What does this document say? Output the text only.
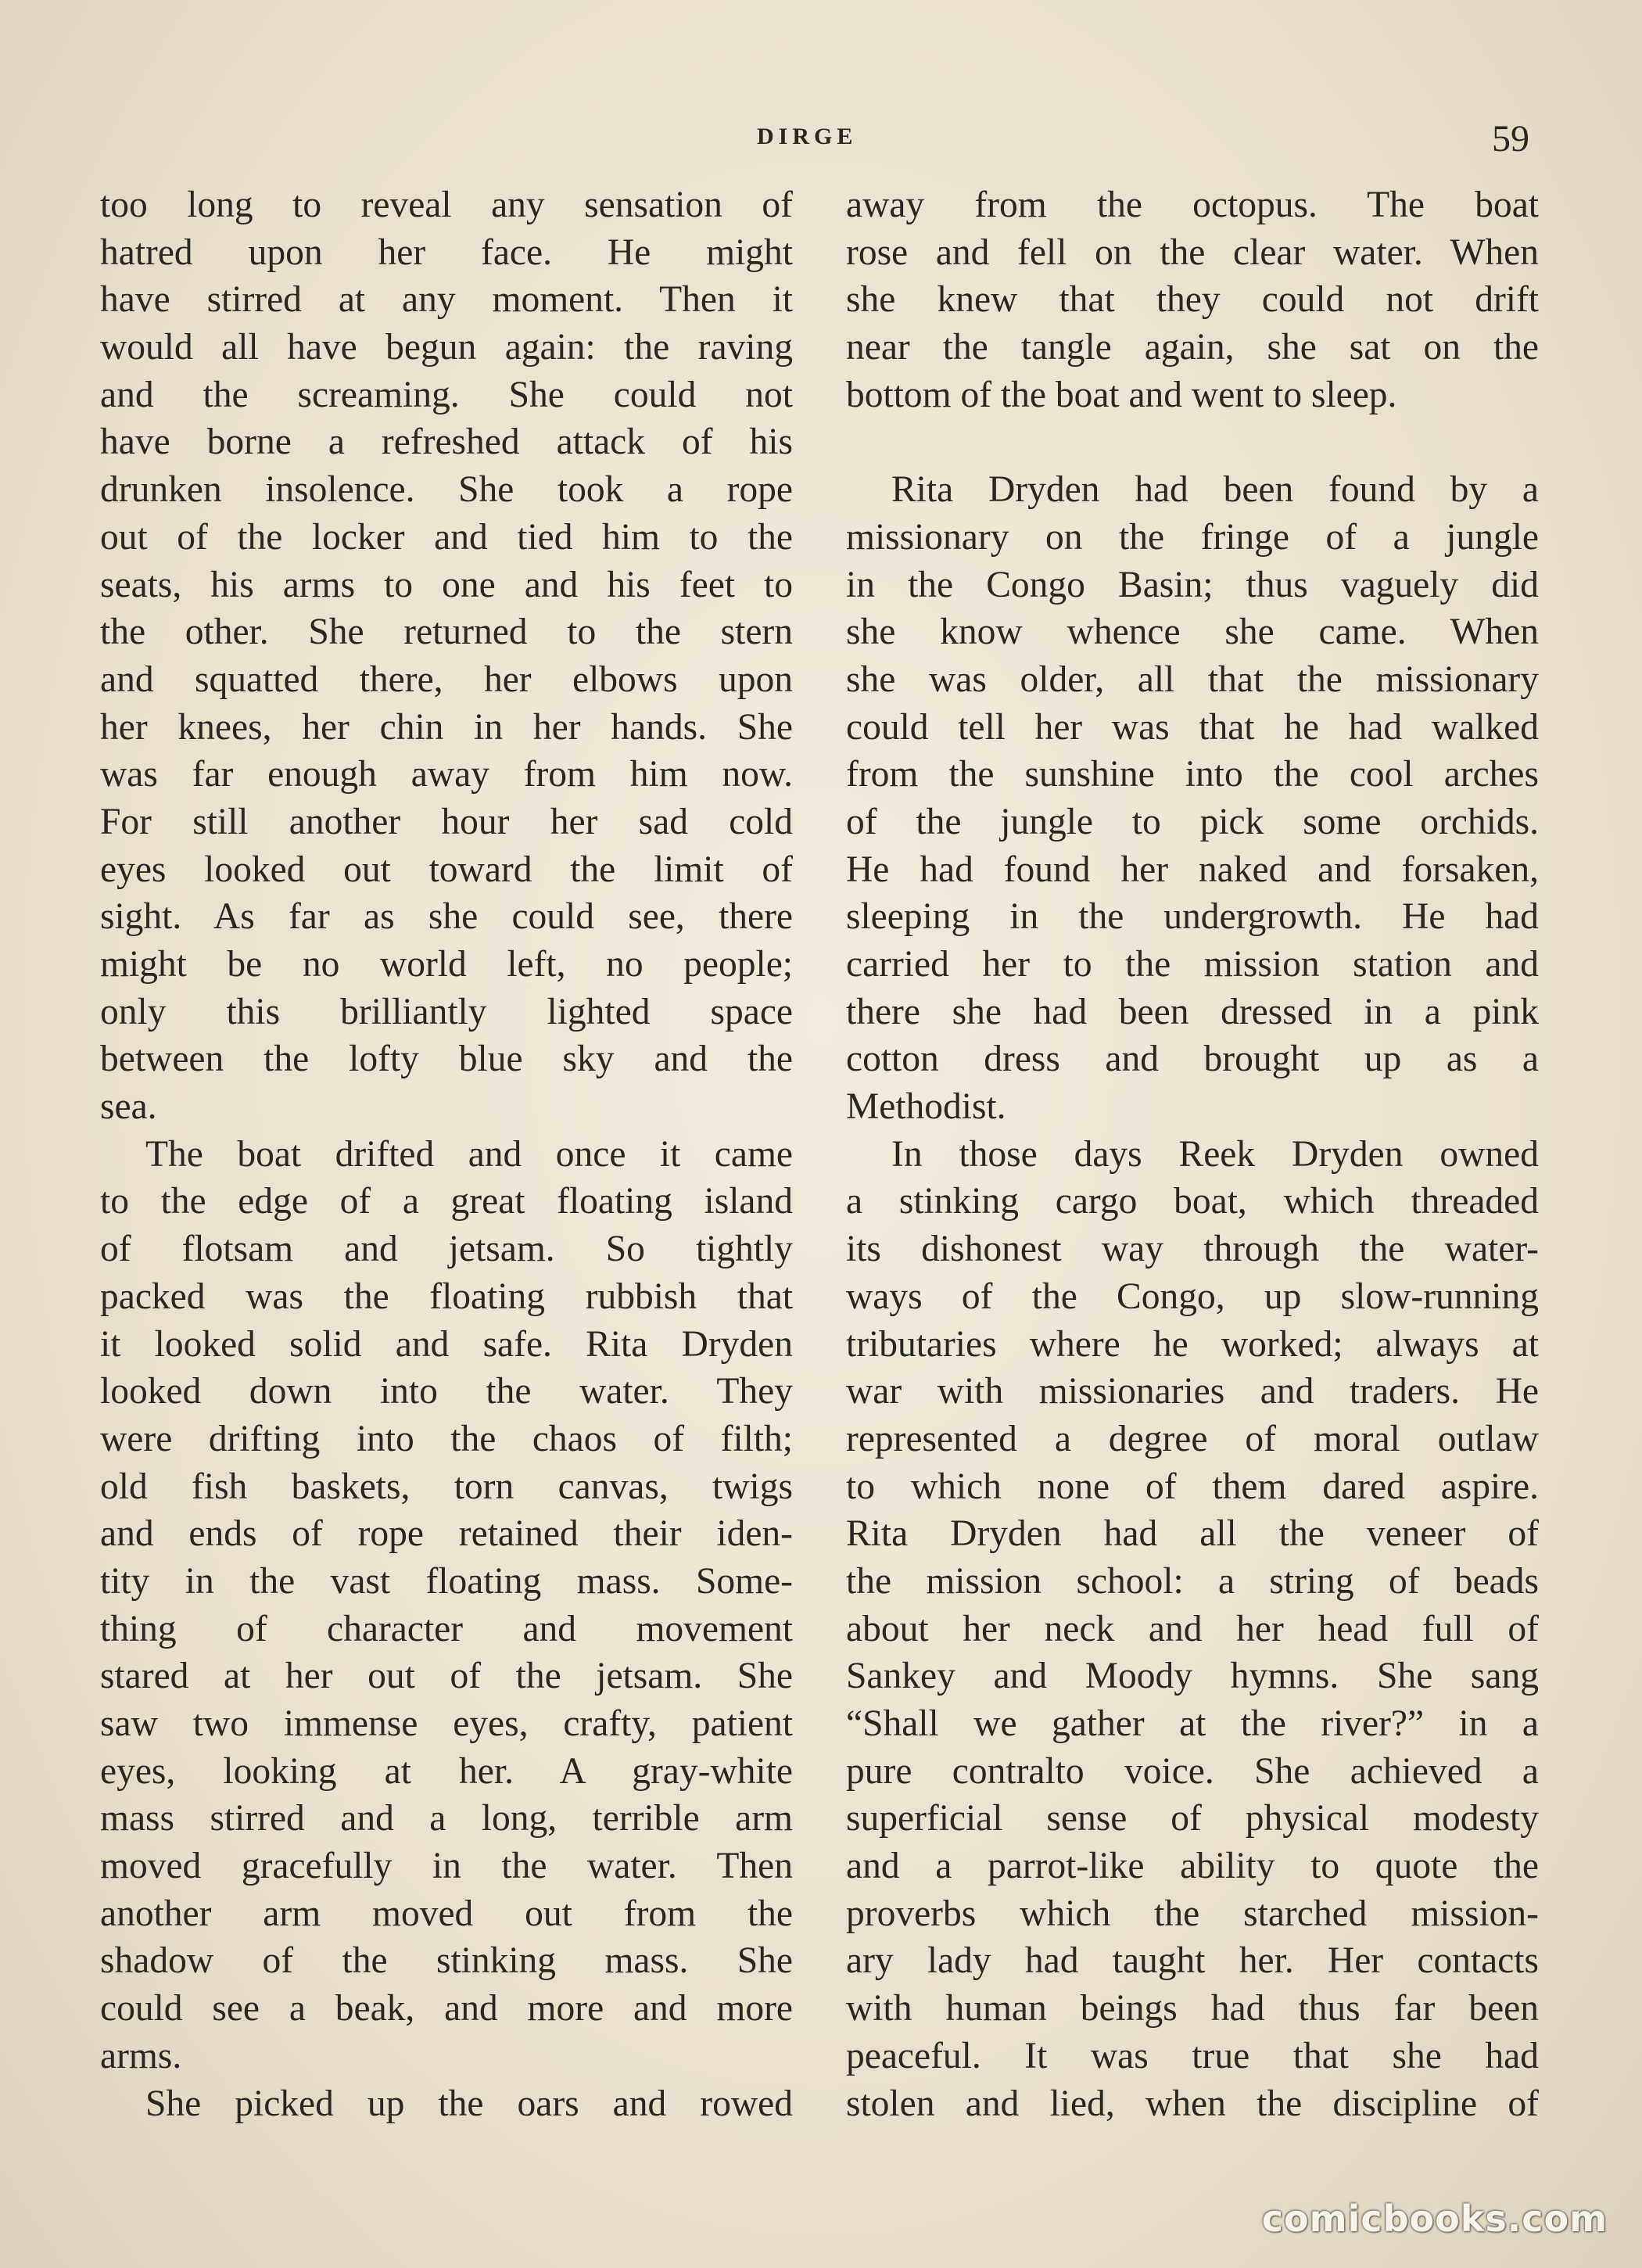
DIRGE	59
too long to reveal any sensation of
hatred upon her face. He might
have stirred at any moment. Then it
would all have begun again: the raving
and the screaming. She could not
have borne a refreshed attack of his
drunken insolence. She took a rope
out of the locker and tied him to the
seats, his arms to one and his feet to
the other. She returned to the stern
and squatted there, her elbows upon
her knees, her chin in her hands. She
was far enough away from him now.
For still another hour her sad cold
eyes looked out toward the limit of
sight. As far as she could see, there
might be no world left, no people;
only this brilliantly lighted space
between the lofty blue sky and the
sea.
The boat drifted and once it came
to the edge of a great floating island
of flotsam and jetsam. So tightly
packed was the floating rubbish that
it looked solid and safe. Rita Dryden
looked down into the water. They
were drifting into the chaos of filth;
old fish baskets, torn canvas, twigs
and ends of rope retained their iden-
tity in the vast floating mass. Some-
thing of character and movement
stared at her out of the jetsam. She
saw two immense eyes, crafty, patient
eyes, looking at her. A gray-white
mass stirred and a long, terrible arm
moved gracefully in the water. Then
another arm moved out from the
shadow of the stinking mass. She
could see a beak, and more and more
arms.
She picked up the oars and rowed
away from the octopus. The boat
rose and fell on the clear water. When
she knew that they could not drift
near the tangle again, she sat on the
bottom of the boat and went to sleep.
Rita Dryden had been found by a
missionary on the fringe of a jungle
in the Congo Basin; thus vaguely did
she know whence she came. When
she was older, all that the missionary
could tell her was that he had walked
from the sunshine into the cool arches
of the jungle to pick some orchids.
He had found her naked and forsaken,
sleeping in the undergrowth. He had
carried her to the mission station and
there she had been dressed in a pink
cotton dress and brought up as a
Methodist.
In those days Reek Dryden owned
a stinking cargo boat, which threaded
its dishonest way through the water-
ways of the Congo, up slow-running
tributaries where he worked; always at
war with missionaries and traders. He
represented a degree of moral outlaw
to which none of them dared aspire.
Rita Dryden had all the veneer of
the mission school: a string of beads
about her neck and her head full of
Sankey and Moody hymns. She sang
“Shall we gather at the river?” in a
pure contralto voice. She achieved a
superficial sense of physical modesty
and a parrot-like ability to quote the
proverbs which the starched mission-
ary lady had taught her. Her contacts
with human beings had thus far been
peaceful. It was true that she had
stolen and lied, when the discipline of
comicbooks.com
